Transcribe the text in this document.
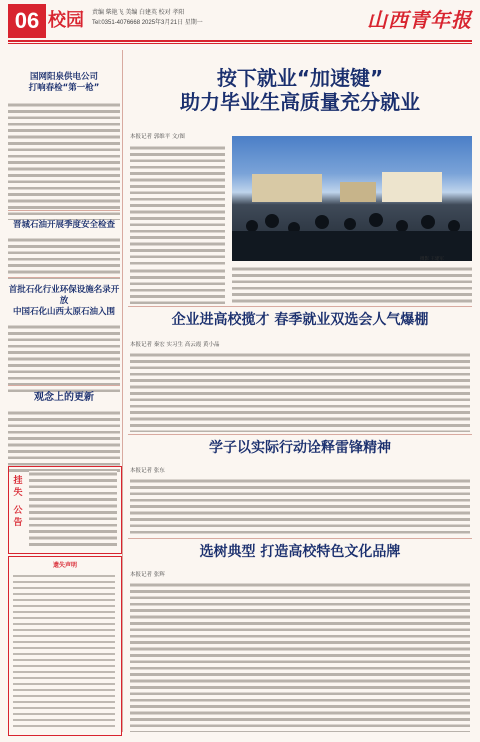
06 校园	责编 柴艳飞 美编 白建英 校对 孝阳
Tel:0351-4076668 2025年3月21日 星期一	山西青年报

国网阳泉供电公司

打响春检“第一枪”

晋城石油开展季度安全检查

首批石化行业环保设施名录开放

中国石化山西太原石油入围

观念上的更新

挂失
公告
遗失声明
按下就业“加速键”
助力毕业生高质量充分就业
本报记者 郭维平 文/图
摄影 王建军
企业进高校揽才 春季就业双选会人气爆棚
本报记者 秦宏 实习生 高云霞 黄小晶
学子以实际行动诠释雷锋精神
本报记者 张东
选树典型 打造高校特色文化品牌
本报记者 张辉
